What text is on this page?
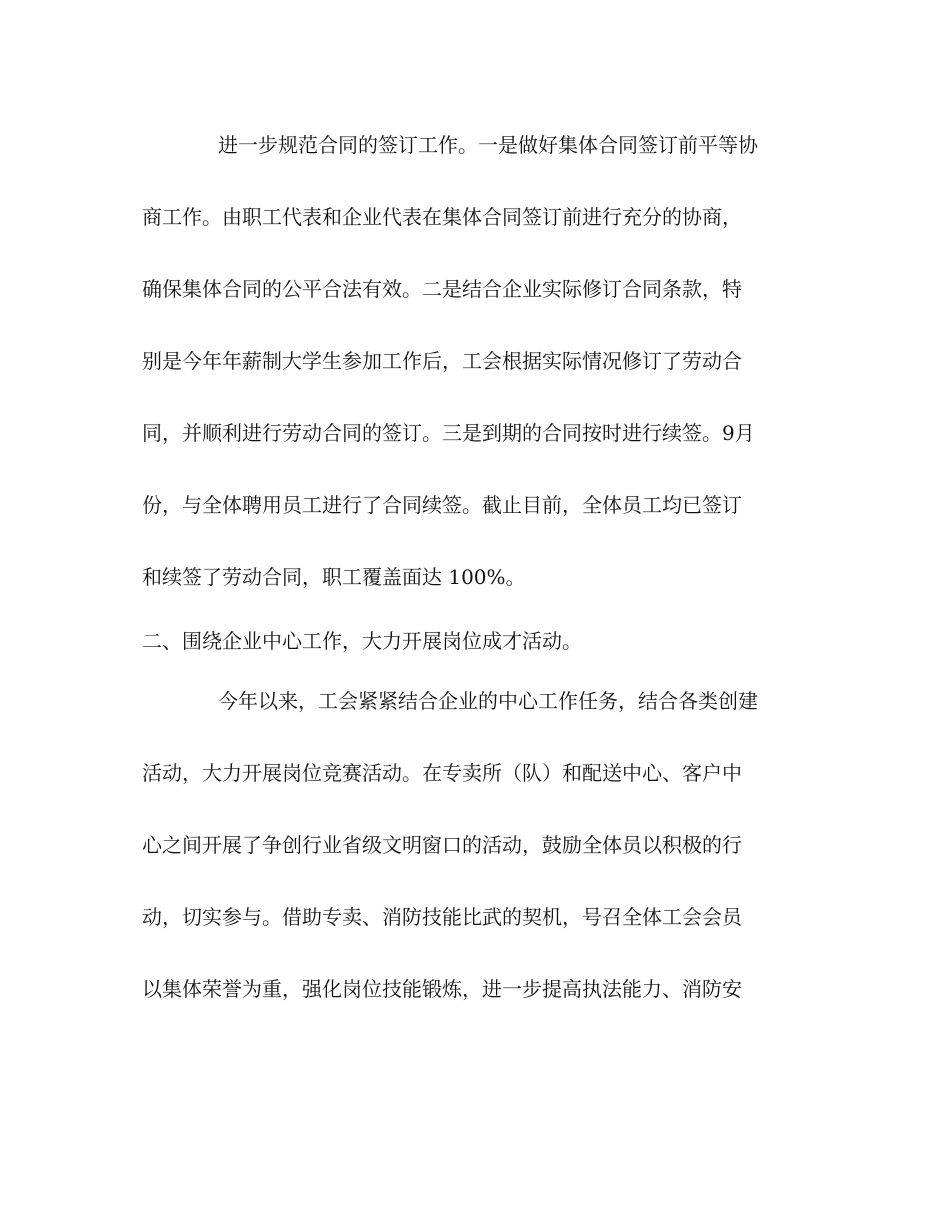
进一步规范合同的签订工作。一是做好集体合同签订前平等协
商工作。由职工代表和企业代表在集体合同签订前进行充分的协商，
确保集体合同的公平合法有效。二是结合企业实际修订合同条款，特
别是今年年薪制大学生参加工作后，工会根据实际情况修订了劳动合
同，并顺利进行劳动合同的签订。三是到期的合同按时进行续签。9月
份，与全体聘用员工进行了合同续签。截止目前，全体员工均已签订
和续签了劳动合同，职工覆盖面达 100%。
二、围绕企业中心工作，大力开展岗位成才活动。
今年以来，工会紧紧结合企业的中心工作任务，结合各类创建
活动，大力开展岗位竞赛活动。在专卖所（队）和配送中心、客户中
心之间开展了争创行业省级文明窗口的活动，鼓励全体员以积极的行
动，切实参与。借助专卖、消防技能比武的契机，号召全体工会会员
以集体荣誉为重，强化岗位技能锻炼，进一步提高执法能力、消防安
